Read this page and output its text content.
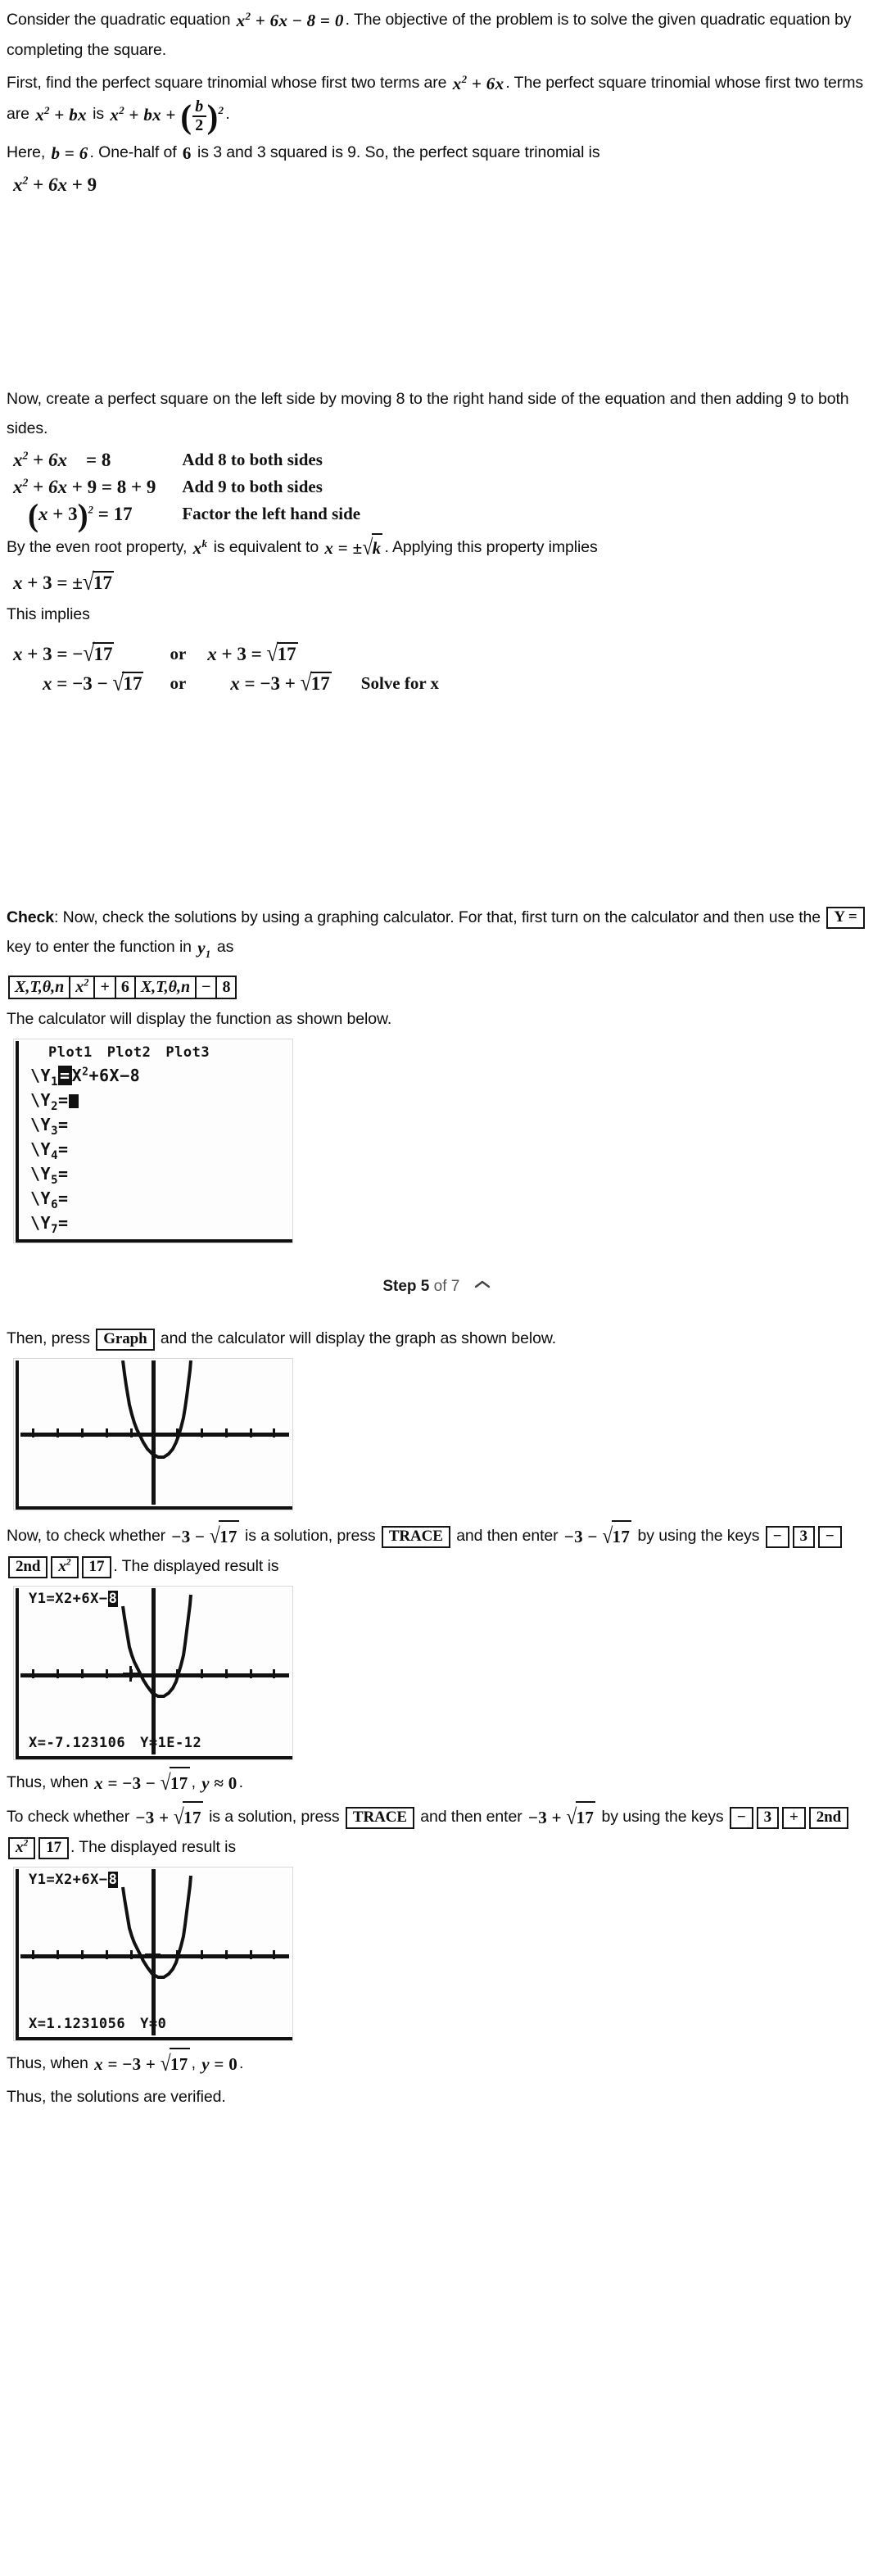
Consider the quadratic equation $x^2 + 6x - 8 = 0$ . The objective of the problem is to solve the given quadratic equation by completing the square.

First, find the perfect square trinomial whose first two terms are $x^2 + 6x$ . The perfect square trinomial whose first two terms are $x^2$ + bx is $x^2$ + bx + ( $\frac{b}{2} )^2$ .

Here, b = 6 . One-half of 6 is 3 and 3 squared is 9. So, the perfect square trinomial is

$x^2 + 6x + 9$

Now, create a perfect square on the left side by moving 8 to the right hand side of the equation and then adding 9 to both sides.

$x^2 + 6x$    = 8	Add 8 to both sides
$x^2 + 6x + 9 = 8 + 9$	Add 9 to both sides
$(x + 3)^2 = 17$	Factor the left hand side

By the even root property, $x^k$ is equivalent to x = ±√k . Applying this property implies

x + 3 = ±√17

This implies

x + 3 = −√17	or	x + 3 = √17	
x = −3 − √17	or	x = −3 + √17	Solve for x

Check: Now, check the solutions by using a graphing calculator. For that, first turn on the calculator and then use the Y = key to enter the function in $y_1$ as

X,T,θ,n $x^2 + 6$ X,T,θ,n − 8

The calculator will display the function as shown below.

Plot1 Plot2 Plot3
$\backslash Y_1 = X^2+6X-8$
$\backslash Y_2=$
$\backslash Y_3=$
$\backslash Y_4=$
$\backslash Y_5=$
$\backslash Y_6=$
$\backslash Y_7=$
Step 5 of 7

Then, press Graph and the calculator will display the graph as shown below.

Now, to check whether −3 − √17 is a solution, press TRACE and then enter −3 − √17 by using the keys − 3 −2nd $x^2$ 17 . The displayed result is

Y1=X2+6X−8
X=-7.123106 Y=1E-12

Thus, when x = −3 − √17 , y ≈ 0 .

To check whether −3 + √17 is a solution, press TRACE and then enter −3 + √17 by using the keys − 3 + 2ndx$^2$ 17 . The displayed result is

Y1=X2+6X−8
X=1.1231056 Y=0

Thus, when x = −3 + √17 , y = 0 .

Thus, the solutions are verified.
